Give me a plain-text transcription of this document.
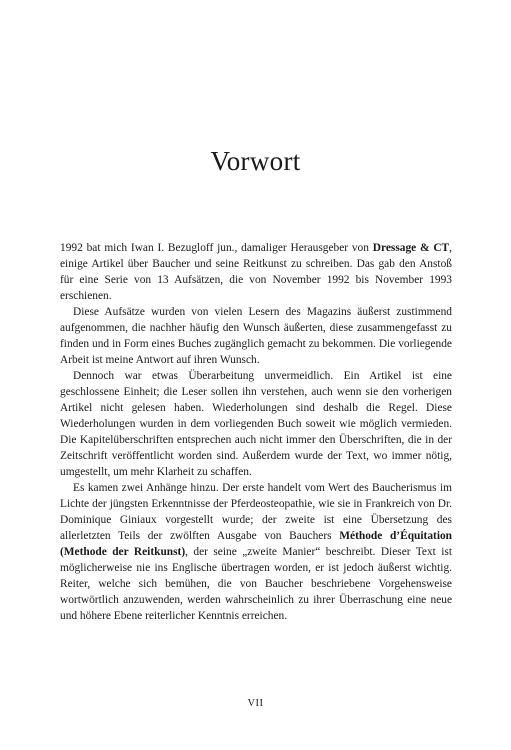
Vorwort

1992 bat mich Iwan I. Bezugloff jun., damaliger Herausgeber von Dressage & CT, einige Artikel über Baucher und seine Reitkunst zu schreiben. Das gab den Anstoß für eine Serie von 13 Aufsätzen, die von November 1992 bis November 1993 erschienen.

Diese Aufsätze wurden von vielen Lesern des Magazins äußerst zustimmend aufgenommen, die nachher häufig den Wunsch äußerten, diese zusammengefasst zu finden und in Form eines Buches zugänglich gemacht zu bekommen. Die vorliegende Arbeit ist meine Antwort auf ihren Wunsch.

Dennoch war etwas Überarbeitung unvermeidlich. Ein Artikel ist eine geschlossene Einheit; die Leser sollen ihn verstehen, auch wenn sie den vorherigen Artikel nicht gelesen haben. Wiederholungen sind deshalb die Regel. Diese Wiederholungen wurden in dem vorliegenden Buch soweit wie möglich vermieden. Die Kapitelüberschriften entsprechen auch nicht immer den Überschriften, die in der Zeitschrift veröffentlicht worden sind. Außerdem wurde der Text, wo immer nötig, umgestellt, um mehr Klarheit zu schaffen.

Es kamen zwei Anhänge hinzu. Der erste handelt vom Wert des Baucherismus im Lichte der jüngsten Erkenntnisse der Pferdeosteopathie, wie sie in Frankreich von Dr. Dominique Giniaux vorgestellt wurde; der zweite ist eine Übersetzung des allerletzten Teils der zwölften Ausgabe von Bauchers Méthode d’Équitation (Methode der Reitkunst), der seine „zweite Manier“ beschreibt. Dieser Text ist möglicherweise nie ins Englische übertragen worden, er ist jedoch äußerst wichtig. Reiter, welche sich bemühen, die von Baucher beschriebene Vorgehensweise wortwörtlich anzuwenden, werden wahrscheinlich zu ihrer Überraschung eine neue und höhere Ebene reiterlicher Kenntnis erreichen.

VII
